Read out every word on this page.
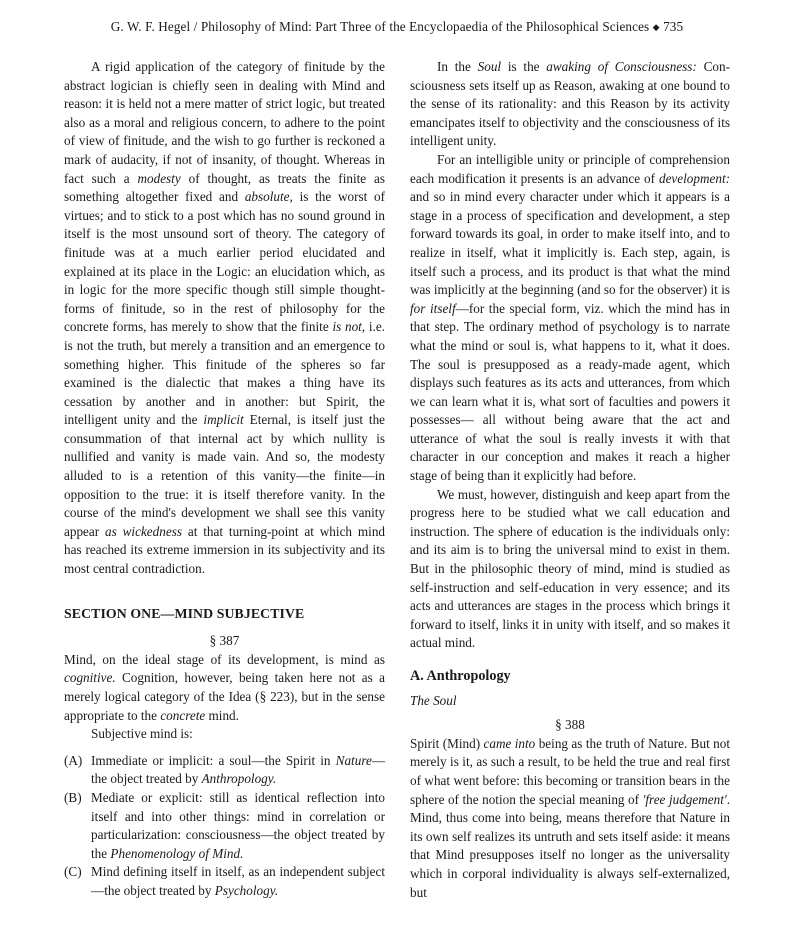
G. W. F. Hegel / Philosophy of Mind: Part Three of the Encyclopaedia of the Philosophical Sciences ◆ 735

A rigid application of the category of finitude by the abstract logician is chiefly seen in dealing with Mind and reason: it is held not a mere matter of strict logic, but treated also as a moral and religious concern, to adhere to the point of view of finitude, and the wish to go further is reckoned a mark of audacity, if not of insanity, of thought. Whereas in fact such a modesty of thought, as treats the finite as something altogether fixed and absolute, is the worst of virtues; and to stick to a post which has no sound ground in itself is the most unsound sort of theory. The category of finitude was at a much earlier period elucidated and explained at its place in the Logic: an elucidation which, as in logic for the more specific though still simple thought-forms of finitude, so in the rest of philosophy for the concrete forms, has merely to show that the finite is not, i.e. is not the truth, but merely a transition and an emergence to something higher. This finitude of the spheres so far examined is the dialectic that makes a thing have its cessation by another and in another: but Spirit, the intelligent unity and the implicit Eternal, is itself just the consummation of that internal act by which nullity is nullified and vanity is made vain. And so, the modesty alluded to is a retention of this vanity—the finite—in opposition to the true: it is itself therefore vanity. In the course of the mind's development we shall see this vanity appear as wickedness at that turning-point at which mind has reached its extreme immersion in its subjectivity and its most central contradiction.

SECTION ONE—MIND SUBJECTIVE
§ 387

Mind, on the ideal stage of its development, is mind as cognitive. Cognition, however, being taken here not as a merely logical category of the Idea (§ 223), but in the sense appropriate to the concrete mind.

Subjective mind is:

(A) Immediate or implicit: a soul—the Spirit in Nature—the object treated by Anthropology.
(B) Mediate or explicit: still as identical reflection into itself and into other things: mind in correlation or particularization: consciousness—the object treated by the Phenomenology of Mind.
(C) Mind defining itself in itself, as an independent subject—the object treated by Psychology.

In the Soul is the awaking of Consciousness: Consciousness sets itself up as Reason, awaking at one bound to the sense of its rationality: and this Reason by its activity emancipates itself to objectivity and the consciousness of its intelligent unity.

For an intelligible unity or principle of comprehension each modification it presents is an advance of development: and so in mind every character under which it appears is a stage in a process of specification and development, a step forward towards its goal, in order to make itself into, and to realize in itself, what it implicitly is. Each step, again, is itself such a process, and its product is that what the mind was implicitly at the beginning (and so for the observer) it is for itself—for the special form, viz. which the mind has in that step. The ordinary method of psychology is to narrate what the mind or soul is, what happens to it, what it does. The soul is presupposed as a ready-made agent, which displays such features as its acts and utterances, from which we can learn what it is, what sort of faculties and powers it possesses— all without being aware that the act and utterance of what the soul is really invests it with that character in our conception and makes it reach a higher stage of being than it explicitly had before.

We must, however, distinguish and keep apart from the progress here to be studied what we call education and instruction. The sphere of education is the individuals only: and its aim is to bring the universal mind to exist in them. But in the philosophic theory of mind, mind is studied as self-instruction and self-education in very essence; and its acts and utterances are stages in the process which brings it forward to itself, links it in unity with itself, and so makes it actual mind.

A. Anthropology
The Soul
§ 388

Spirit (Mind) came into being as the truth of Nature. But not merely is it, as such a result, to be held the true and real first of what went before: this becoming or transition bears in the sphere of the notion the special meaning of 'free judgement'. Mind, thus come into being, means therefore that Nature in its own self realizes its untruth and sets itself aside: it means that Mind presupposes itself no longer as the universality which in corporal individuality is always self-externalized, but
